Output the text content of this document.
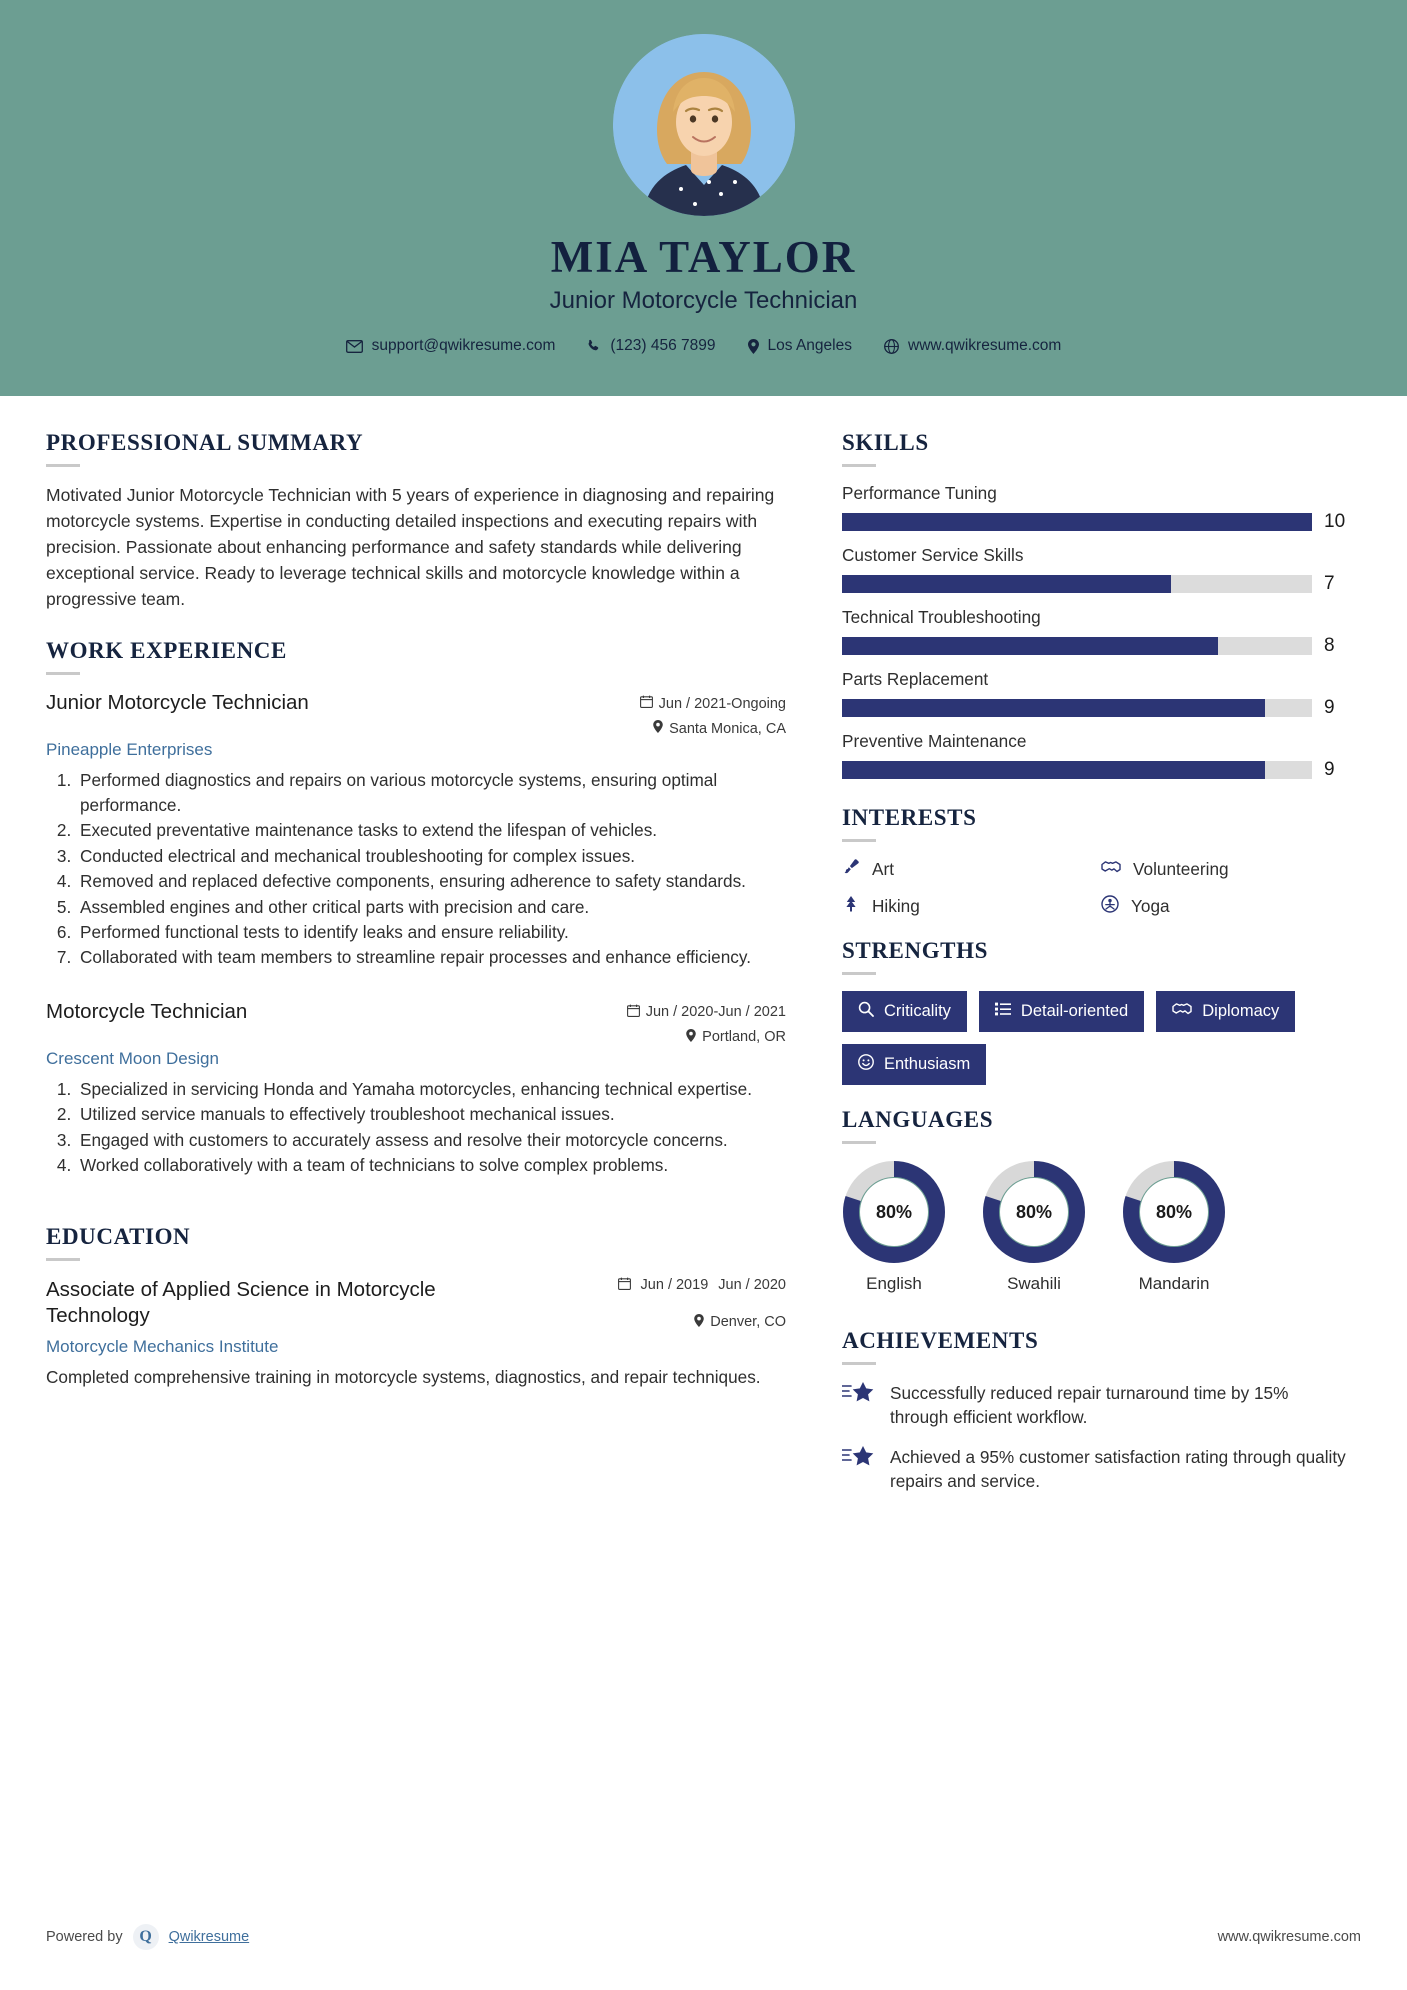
MIA TAYLOR
Junior Motorcycle Technician
support@qwikresume.com	(123) 456 7899	Los Angeles	www.qwikresume.com
PROFESSIONAL SUMMARY
Motivated Junior Motorcycle Technician with 5 years of experience in diagnosing and repairing motorcycle systems. Expertise in conducting detailed inspections and executing repairs with precision. Passionate about enhancing performance and safety standards while delivering exceptional service. Ready to leverage technical skills and motorcycle knowledge within a progressive team.
WORK EXPERIENCE
Junior Motorcycle Technician	Jun / 2021-Ongoing
Santa Monica, CA
Pineapple Enterprises
1. Performed diagnostics and repairs on various motorcycle systems, ensuring optimal performance.
2. Executed preventative maintenance tasks to extend the lifespan of vehicles.
3. Conducted electrical and mechanical troubleshooting for complex issues.
4. Removed and replaced defective components, ensuring adherence to safety standards.
5. Assembled engines and other critical parts with precision and care.
6. Performed functional tests to identify leaks and ensure reliability.
7. Collaborated with team members to streamline repair processes and enhance efficiency.
Motorcycle Technician	Jun / 2020-Jun / 2021
Portland, OR
Crescent Moon Design
1. Specialized in servicing Honda and Yamaha motorcycles, enhancing technical expertise.
2. Utilized service manuals to effectively troubleshoot mechanical issues.
3. Engaged with customers to accurately assess and resolve their motorcycle concerns.
4. Worked collaboratively with a team of technicians to solve complex problems.
EDUCATION
Associate of Applied Science in Motorcycle Technology
Jun / 2019 Jun / 2020
Denver, CO
Motorcycle Mechanics Institute
Completed comprehensive training in motorcycle systems, diagnostics, and repair techniques.
SKILLS
Performance Tuning
10
Customer Service Skills
7
Technical Troubleshooting
8
Parts Replacement
9
Preventive Maintenance
9
INTERESTS
Art	Volunteering
Hiking	Yoga
STRENGTHS
Criticality	Detail-oriented	Diplomacy
Enthusiasm
LANGUAGES
80%
English
80%
Swahili
80%
Mandarin
ACHIEVEMENTS
Successfully reduced repair turnaround time by 15% through efficient workflow.
Achieved a 95% customer satisfaction rating through quality repairs and service.
Powered by	Q	Qwikresume	www.qwikresume.com
